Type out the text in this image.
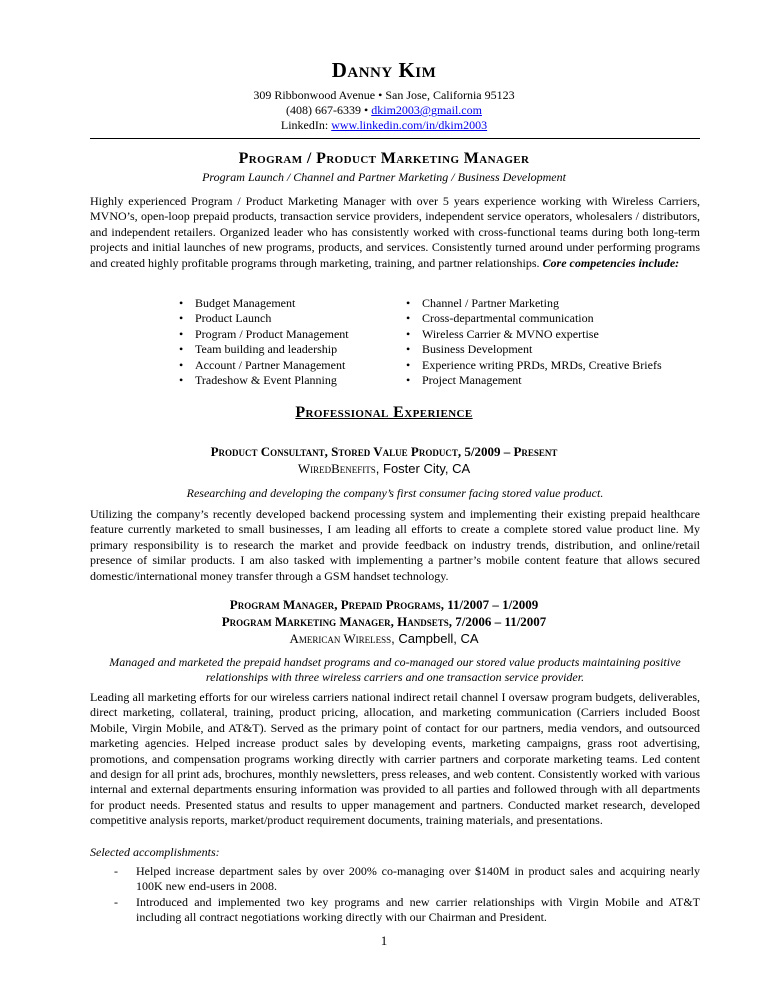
Danny Kim
309 Ribbonwood Avenue • San Jose, California 95123
(408) 667-6339 • dkim2003@gmail.com
LinkedIn: www.linkedin.com/in/dkim2003
Program / Product Marketing Manager
Program Launch / Channel and Partner Marketing / Business Development
Highly experienced Program / Product Marketing Manager with over 5 years experience working with Wireless Carriers, MVNO’s, open-loop prepaid products, transaction service providers, independent service operators, wholesalers / distributors, and independent retailers. Organized leader who has consistently worked with cross-functional teams during both long-term projects and initial launches of new programs, products, and services. Consistently turned around under performing programs and created highly profitable programs through marketing, training, and partner relationships. Core competencies include:
• Budget Management
• Product Launch
• Program / Product Management
• Team building and leadership
• Account / Partner Management
• Tradeshow & Event Planning
• Channel / Partner Marketing
• Cross-departmental communication
• Wireless Carrier & MVNO expertise
• Business Development
• Experience writing PRDs, MRDs, Creative Briefs
• Project Management
Professional Experience
Product Consultant, Stored Value Product, 5/2009 – Present
WiredBenefits, Foster City, CA
Researching and developing the company’s first consumer facing stored value product.
Utilizing the company’s recently developed backend processing system and implementing their existing prepaid healthcare feature currently marketed to small businesses, I am leading all efforts to create a complete stored value product line. My primary responsibility is to research the market and provide feedback on industry trends, distribution, and online/retail presence of similar products. I am also tasked with implementing a partner’s mobile content feature that allows secured domestic/international money transfer through a GSM handset technology.
Program Manager, Prepaid Programs, 11/2007 – 1/2009
Program Marketing Manager, Handsets, 7/2006 – 11/2007
American Wireless, Campbell, CA
Managed and marketed the prepaid handset programs and co-managed our stored value products maintaining positive relationships with three wireless carriers and one transaction service provider.
Leading all marketing efforts for our wireless carriers national indirect retail channel I oversaw program budgets, deliverables, direct marketing, collateral, training, product pricing, allocation, and marketing communication (Carriers included Boost Mobile, Virgin Mobile, and AT&T). Served as the primary point of contact for our partners, media vendors, and outsourced marketing agencies. Helped increase product sales by developing events, marketing campaigns, grass root advertising, promotions, and compensation programs working directly with carrier partners and corporate marketing teams. Led content and design for all print ads, brochures, monthly newsletters, press releases, and web content. Consistently worked with various internal and external departments ensuring information was provided to all parties and followed through with all departments for product needs. Presented status and results to upper management and partners. Conducted market research, developed competitive analysis reports, market/product requirement documents, training materials, and presentations.
Selected accomplishments:
- Helped increase department sales by over 200% co-managing over $140M in product sales and acquiring nearly 100K new end-users in 2008.
- Introduced and implemented two key programs and new carrier relationships with Virgin Mobile and AT&T including all contract negotiations working directly with our Chairman and President.
1
